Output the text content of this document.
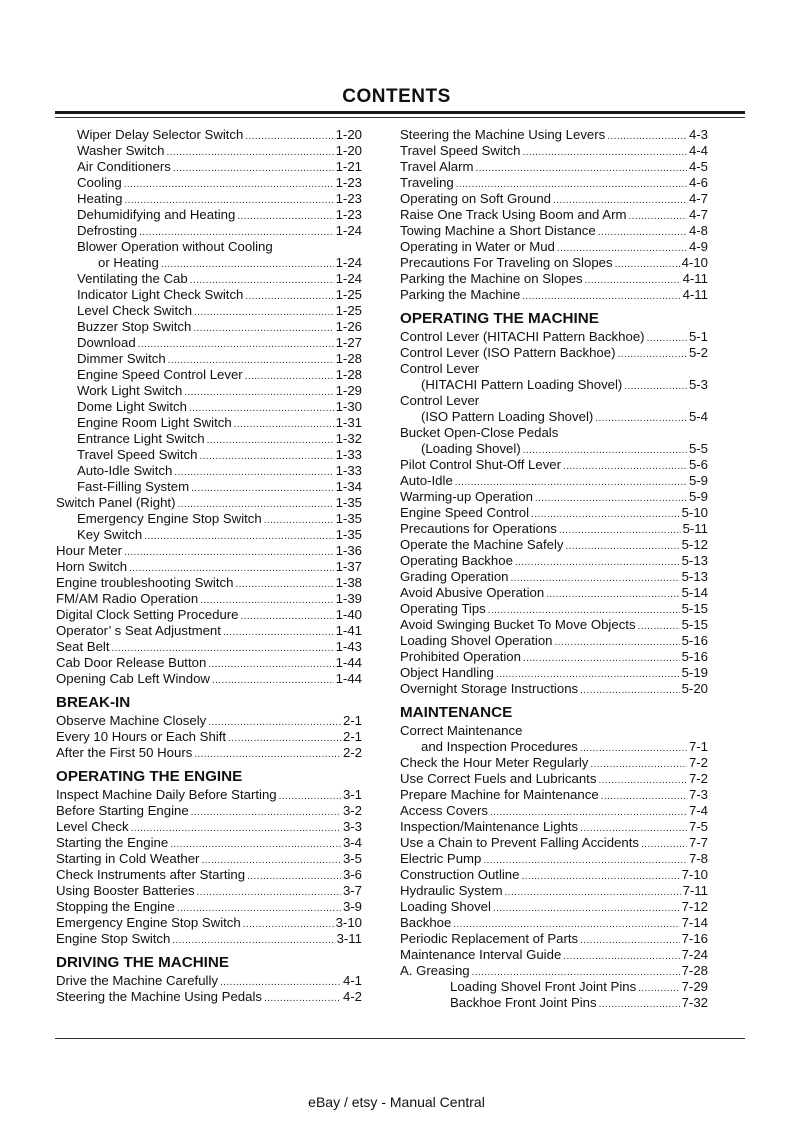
CONTENTS
Wiper Delay Selector Switch .....	1-20
Washer Switch .....	1-20
Air Conditioners .....	1-21
Cooling .....	1-23
Heating .....	1-23
Dehumidifying and Heating .....	1-23
Defrosting .....	1-24
Blower Operation without Cooling
or Heating .....	1-24
Ventilating the Cab .....	1-24
Indicator Light Check Switch .....	1-25
Level Check Switch .....	1-25
Buzzer Stop Switch .....	1-26
Download .....	1-27
Dimmer Switch .....	1-28
Engine Speed Control Lever .....	1-28
Work Light Switch .....	1-29
Dome Light Switch .....	1-30
Engine Room Light Switch .....	1-31
Entrance Light Switch .....	1-32
Travel Speed Switch .....	1-33
Auto-Idle Switch .....	1-33
Fast-Filling System .....	1-34
Switch Panel (Right) .....	1-35
Emergency Engine Stop Switch .....	1-35
Key Switch .....	1-35
Hour Meter .....	1-36
Horn Switch .....	1-37
Engine troubleshooting Switch .....	1-38
FM/AM Radio Operation .....	1-39
Digital Clock Setting Procedure .....	1-40
Operator’ s Seat Adjustment .....	1-41
Seat Belt .....	1-43
Cab Door Release Button .....	1-44
Opening Cab Left Window .....	1-44
BREAK-IN
Observe Machine Closely .....	2-1
Every 10 Hours or Each Shift .....	2-1
After the First 50 Hours .....	2-2
OPERATING THE ENGINE
Inspect Machine Daily Before Starting .....	3-1
Before Starting Engine .....	3-2
Level Check .....	3-3
Starting the Engine .....	3-4
Starting in Cold Weather .....	3-5
Check Instruments after Starting .....	3-6
Using Booster Batteries .....	3-7
Stopping the Engine .....	3-9
Emergency Engine Stop Switch .....	3-10
Engine Stop Switch .....	3-11
DRIVING THE MACHINE
Drive the Machine Carefully .....	4-1
Steering the Machine Using Pedals .....	4-2
Steering the Machine Using Levers .....	4-3
Travel Speed Switch .....	4-4
Travel Alarm .....	4-5
Traveling .....	4-6
Operating on Soft Ground .....	4-7
Raise One Track Using Boom and Arm .....	4-7
Towing Machine a Short Distance .....	4-8
Operating in Water or Mud .....	4-9
Precautions For Traveling on Slopes .....	4-10
Parking the Machine on Slopes .....	4-11
Parking the Machine .....	4-11
OPERATING THE MACHINE
Control Lever (HITACHI Pattern Backhoe) .....	5-1
Control Lever (ISO Pattern Backhoe) .....	5-2
Control Lever
(HITACHI Pattern Loading Shovel) .....	5-3
Control Lever
(ISO Pattern Loading Shovel) .....	5-4
Bucket Open-Close Pedals
(Loading Shovel) .....	5-5
Pilot Control Shut-Off Lever .....	5-6
Auto-Idle .....	5-9
Warming-up Operation .....	5-9
Engine Speed Control .....	5-10
Precautions for Operations .....	5-11
Operate the Machine Safely .....	5-12
Operating Backhoe .....	5-13
Grading Operation .....	5-13
Avoid Abusive Operation .....	5-14
Operating Tips .....	5-15
Avoid Swinging Bucket To Move Objects .....	5-15
Loading Shovel Operation .....	5-16
Prohibited Operation .....	5-16
Object Handling .....	5-19
Overnight Storage Instructions .....	5-20
MAINTENANCE
Correct Maintenance
and Inspection Procedures .....	7-1
Check the Hour Meter Regularly .....	7-2
Use Correct Fuels and Lubricants .....	7-2
Prepare Machine for Maintenance .....	7-3
Access Covers .....	7-4
Inspection/Maintenance Lights .....	7-5
Use a Chain to Prevent Falling Accidents .....	7-7
Electric Pump .....	7-8
Construction Outline .....	7-10
Hydraulic System .....	7-11
Loading Shovel .....	7-12
Backhoe .....	7-14
Periodic Replacement of Parts .....	7-16
Maintenance Interval Guide .....	7-24
A. Greasing .....	7-28
Loading Shovel Front Joint Pins .....	7-29
Backhoe Front Joint Pins .....	7-32
eBay / etsy - Manual Central
